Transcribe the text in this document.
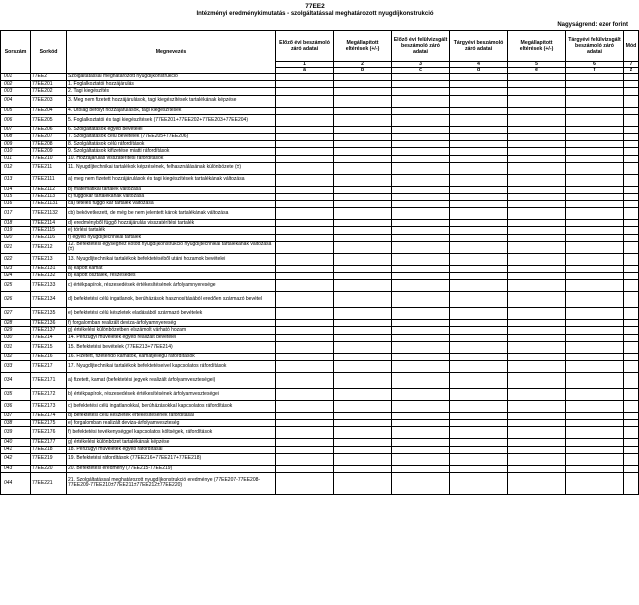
77EE2
Intézményi eredménykimutatás - szolgáltatással meghatározott nyugdíjkonstrukció
Nagyságrend: ezer forint
Sorszám	Sorkód	Megnevezés	Előző évi beszámoló záró adatai	Megállapított eltérések (+/-)	Előző évi felülvizsgált beszámoló záró adatai	Tárgyévi beszámoló záró adatai	Megállapított eltérések (+/-)	Tárgyévi felülvizsgált beszámoló záró adatai	Mód
			1	2	3	4	5	6	7
			a	b	c	d	e	f	z
001	77EE2	Szolgáltatással meghatározott nyugdíjkonstrukció							
002	77EE201	1. Foglalkoztatói hozzájárulás							
003	77EE202	2. Tagi kiegészítés							
004	77EE203	3. Meg nem fizetett hozzájárulások, tagi kiegészítések tartalékának képzése							
005	77EE204	4. Utólag befolyt hozzájárulások, tagi kiegészítések							
006	77EE205	5. Foglalkoztatói és tagi kiegészítések (77EE201+77EE202+77EE203+77EE204)							
007	77EE206	6. Szolgáltatások egyéb bevételei							
008	77EE207	7. Szolgáltatások célú bevételek (77EE205+77EE206)							
009	77EE208	8. Szolgáltatások célú ráfordítások							
010	77EE209	9. Szolgáltatások kifizetése miatti ráfordítások							
011	77EE210	10. Hozzájárulás visszatérítési ráfordítások							
012	77EE211	11. Nyugdíjtechnikai tartalékok képzésének, felhasználásának különbözete (±)							
013	77EE2111	a) meg nem fizetett hozzájárulások és tagi kiegészítések tartalékának változása							
014	77EE2112	b) matematikai tartalék változása							
015	77EE2113	c) függőkár tartalékának változása							
016	77EE21131	ca) tételes függő kár tartalék változása							
017	77EE21132	cb) bekövetkezett, de még be nem jelentett károk tartalékának változása							
018	77EE2114	d) eredményből függő hozzájárulás visszatérítési tartalék							
019	77EE2115	e) törlési tartalék							
020	77EE2116	f) egyéb nyugdíjtechnikai tartalék							
021	77EE212	12. Befektetési egységhez kötött nyugdíjkonstrukció nyugdíjtechnikai tartalékának változása (±)							
022	77EE213	13. Nyugdíjtechnikai tartalékok befektetéséből utáni hozamok bevételei							
023	77EE2131	a) kapott kamat							
024	77EE2132	b) kapott osztalék, részesedés							
025	77EE2133	c) értékpapírok, részesedések értékesítésének árfolyamnyeresége							
026	77EE2134	d) befektetési célú ingatlanok, berúházások hasznosításából eredően származó bevétel							
027	77EE2135	e) befektetési célú készletek eladásából származó bevételek							
028	77EE2136	f) forgalomban realizált deviza-árfolyamnyereség							
029	77EE2137	g) értékelési különbözetben elszámolt várható hozam							
030	77EE214	14. Pénzügyi műveletek egyéb realizált bevételei							
031	77EE215	15. Befektetési bevételek (77EE213+77EE214)							
032	77EE216	16. Fizetett, fizetendő kamatok, kamatjellegű ráfordítások							
033	77EE217	17. Nyugdíjtechnikai tartalékok befektetéseivel kapcsolatos ráfordítások							
034	77EE2171	a) fizetett, kamat (befektetési jegyek realizált árfolyamveszteségei)							
035	77EE2172	b) értékpapírok, részesedések értékesítésének árfolyamveszteségei							
036	77EE2173	c) befektetési célú ingatlanokkal, berúházásokkal kapcsolatos ráfordítások							
037	77EE2174	d) befektetési célú készletek értékesítésének ráfordításai							
038	77EE2175	e) forgalomban realizált deviza-árfolyamveszteség							
039	77EE2176	f) befektetési tevékenységgel kapcsolatos költségek, ráfordítások							
040	77EE2177	g) értékelési különbözet tartalékának képzése							
041	77EE218	18. Pénzügyi műveletek egyéb ráfordításai							
042	77EE219	19. Befektetési ráfordítások (77EE216+77EE217+77EE218)							
043	77EE220	20. Befektetési eredmény (77EE215-77EE219)							
044	77EE221	21. Szolgáltatással meghatározott nyugdíjkonstrukció eredménye (77EE207-77EE208-77EE209-77EE210±77EE211±77EE212±77EE220)							
